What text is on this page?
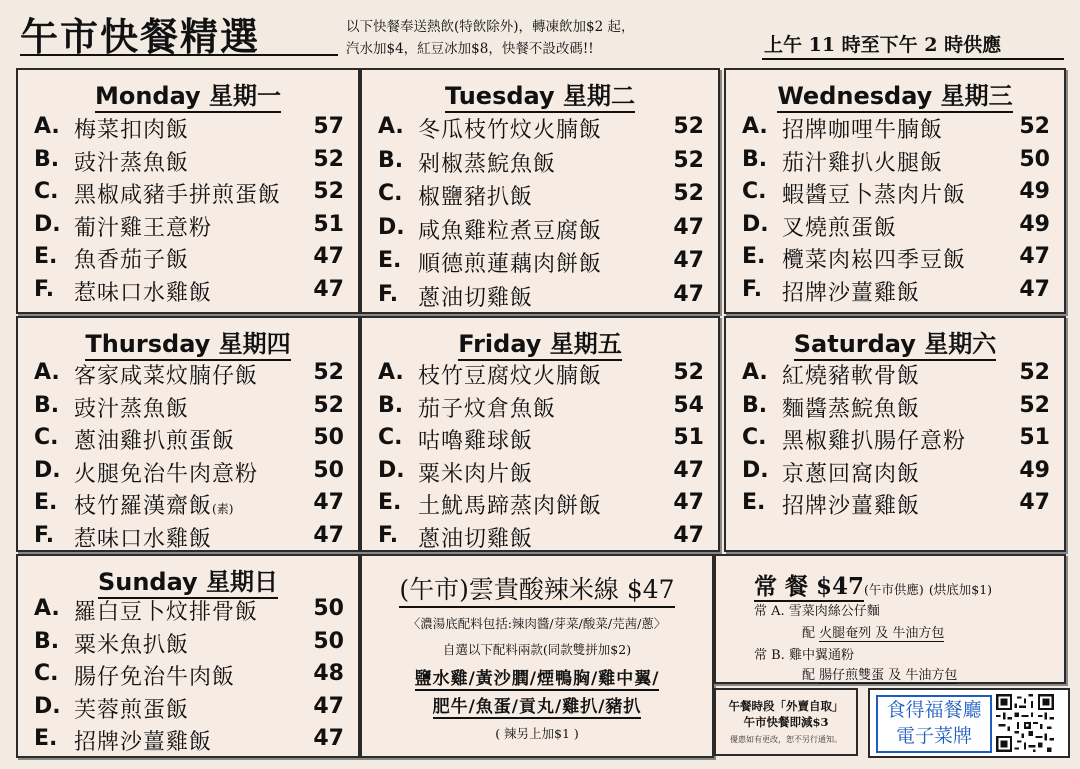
午市快餐精選	以下快餐奉送熱飲(特飲除外)，轉凍飲加$2 起，
汽水加$4，紅豆冰加$8，快餐不設改碼!!	上午 11 時至下午 2 時供應
Monday 星期一
A. 梅菜扣肉飯	57
B. 豉汁蒸魚飯	52
C. 黑椒咸豬手拼煎蛋飯 52
D. 葡汁雞王意粉	51
E. 魚香茄子飯	47
F. 惹味口水雞飯	47
Tuesday 星期二
A. 冬瓜枝竹炆火腩飯	52
B. 剁椒蒸鯇魚飯	52
C. 椒鹽豬扒飯	52
D. 咸魚雞粒煮豆腐飯	47
E. 順德煎蓮藕肉餅飯	47
F. 蔥油切雞飯	47
Wednesday 星期三
A. 招牌咖哩牛腩飯	52
B. 茄汁雞扒火腿飯	50
C. 蝦醬豆卜蒸肉片飯 49
D. 叉燒煎蛋飯	49
E. 欖菜肉崧四季豆飯 47
F. 招牌沙薑雞飯	47
Thursday 星期四
A. 客家咸菜炆腩仔飯	52
B. 豉汁蒸魚飯	52
C. 蔥油雞扒煎蛋飯	50
D. 火腿免治牛肉意粉	50
E. 枝竹羅漢齋飯(素)	47
F. 惹味口水雞飯	47
Friday 星期五
A. 枝竹豆腐炆火腩飯	52
B. 茄子炆倉魚飯	54
C. 咕嚕雞球飯	51
D. 粟米肉片飯	47
E. 土魷馬蹄蒸肉餅飯	47
F. 蔥油切雞飯	47
Saturday 星期六
A. 紅燒豬軟骨飯	52
B. 麵醬蒸鯇魚飯	52
C. 黑椒雞扒腸仔意粉 51
D. 京蔥回窩肉飯	49
E. 招牌沙薑雞飯	47
Sunday 星期日
A. 羅白豆卜炆排骨飯	50
B. 粟米魚扒飯	50
C. 腸仔免治牛肉飯	48
D. 芙蓉煎蛋飯	47
E. 招牌沙薑雞飯	47
(午市)雲貴酸辣米線 $47
〈濃湯底配料包括:辣肉醬/芽菜/酸菜/芫茜/蔥〉
自選以下配料兩款(同款雙拼加$2)
鹽水雞/黃沙膶/煙鴨胸/雞中翼/
肥牛/魚蛋/貢丸/雞扒/豬扒
( 辣另上加$1 )
常 餐 $47(午市供應) (烘底加$1)
常 A. 雪菜肉絲公仔麵
配 火腿奄列 及 牛油方包
常 B. 雞中翼通粉
配 腸仔煎雙蛋 及 牛油方包
午餐時段「外賣自取」
午市快餐即減$3
優惠如有更改，恕不另行通知。
食得福餐廳
電子菜牌
